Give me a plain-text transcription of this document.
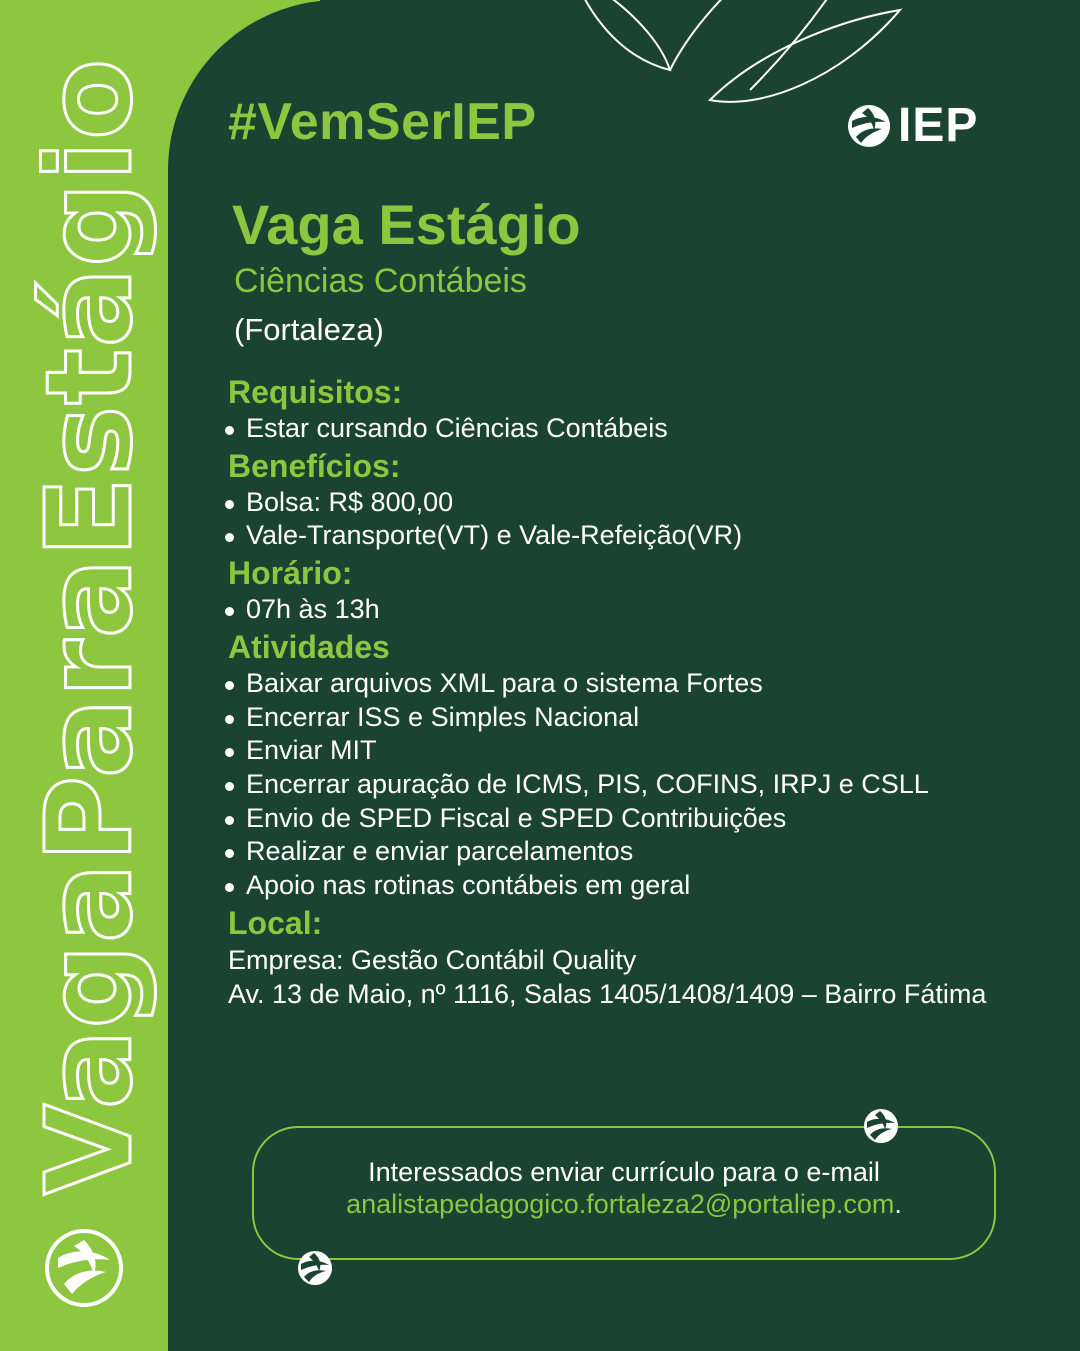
VagaParaEstágio #VemSerIEP	IEP
Vaga Estágio
Ciências Contábeis
(Fortaleza)
Requisitos:
Estar cursando Ciências Contábeis
Benefícios:
Bolsa: R$ 800,00
Vale-Transporte(VT) e Vale-Refeição(VR)
Horário:
07h às 13h
Atividades
Baixar arquivos XML para o sistema Fortes
Encerrar ISS e Simples Nacional
Enviar MIT
Encerrar apuração de ICMS, PIS, COFINS, IRPJ e CSLL
Envio de SPED Fiscal e SPED Contribuições
Realizar e enviar parcelamentos
Apoio nas rotinas contábeis em geral
Local:
Empresa: Gestão Contábil Quality
Av. 13 de Maio, nº 1116, Salas 1405/1408/1409 – Bairro Fátima
Interessados enviar currículo para o e-mail
analistapedagogico.fortaleza2@portaliep.com.
